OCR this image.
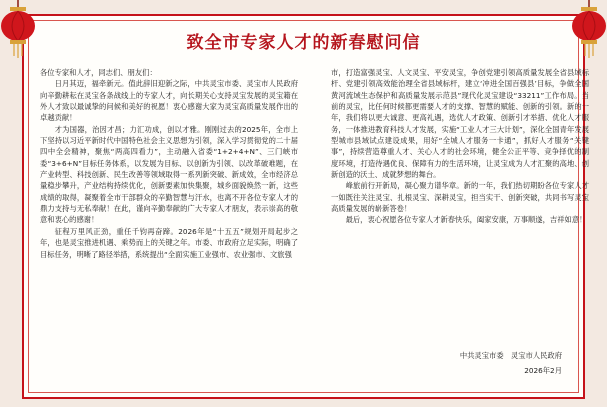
致全市专家人才的新春慰问信

各位专家和人才，同志们、朋友们：

日月其迈，福牵新元。值此辞旧迎新之际，中共灵宝市委、灵宝市人民政府向辛勤耕耘在灵宝各条战线上的专家人才，向长期关心支持灵宝发展的灵宝籍在外人才致以最诚挚的问候和美好的祝愿！衷心感谢大家为灵宝高质量发展作出的卓越贡献！

才为国器，治因才昌；力汇功成，创以才雅。刚刚过去的2025年，全市上下坚持以习近平新时代中国特色社会主义思想为引领，深入学习贯彻党的二十届四中全会精神，聚焦“两高四看力”，主动融入省委“1+2+4+N”、三门峡市委“3+6+N”目标任务体系，以发展为目标、以创新为引领、以改革破难题，在产业转型、科技创新、民生改善等领域取得一系列新突破、新成效，全市经济总量稳步攀升，产业结构持续优化，创新要素加快集聚，城乡面貌焕然一新，这些成绩的取得，凝聚着全市干部群众的辛勤智慧与汗水，也离不开各位专家人才的鼎力支持与无私奉献！在此，谨向辛勤奉献的广大专家人才朋友，表示崇高的敬意和衷心的感谢！

征程万里风正劲，重任千钧再奋蹄。2026年是“十五五”规划开局起步之年，也是灵宝推进机遇、乘势而上的关键之年。市委、市政府立足实际，明确了目标任务，明晰了路径举措，系统提出“全面实施工业强市、农业强市、文旅强

市，打造富强灵宝、人文灵宝、平安灵宝，争创党建引领高质量发展全省县域标杆、党建引领高效能治理全省县域标杆，建立‘冲进全国百强县’目标，争做全国黄河流域生态保护和高质量发展示范县”现代化灵宝建设“33211”工作布局。当前的灵宝，比任何时候都更需要人才的支撑、智慧的赋能、创新的引领。新的一年，我们将以更大诚意、更高礼遇，选优人才政策、创新引才举措、优化人才服务，一体推进教育科技人才发展，实施“工业人才三大计划”，深化全国青年发展型城市县域试点建设成果，用好“全城人才服务一卡通”，抓好人才服务“关键事”，持续营造尊重人才、关心人才的社会环境，健全公正平等、竞争择优的制度环境，打造待遇优良、保障有力的生活环境，让灵宝成为人才汇聚的高地、创新创造的沃土、成就梦想的舞台。

峰旅前行开新局，凝心聚力谱华章。新的一年，我们热切期盼各位专家人才一如既往关注灵宝、扎根灵宝、深耕灵宝，担当实干、创新突破，共同书写灵宝高质量发展的崭新答卷！

最后，衷心祝愿各位专家人才新春快乐，阖家安康，万事顺遂，吉祥如意！

中共灵宝市委　灵宝市人民政府
2026年2月
